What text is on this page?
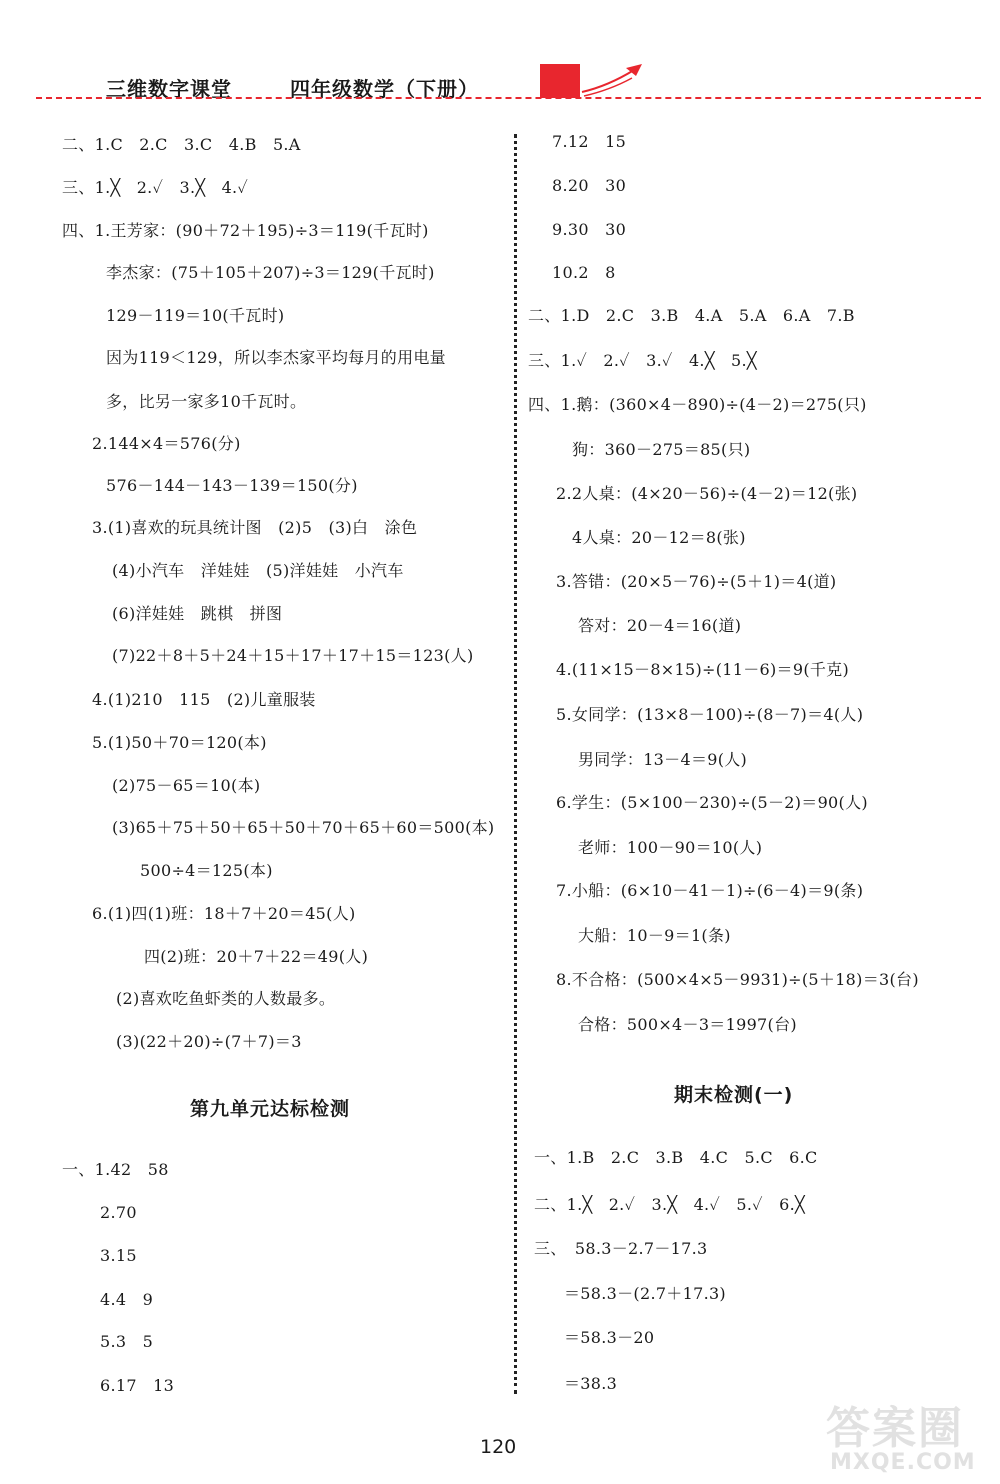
三维数字课堂	四年级数学（下册）
二、1.C　2.C　3.C　4.B　5.A
三、1.╳　2.✓　3.╳　4.✓
四、1.王芳家：(90＋72＋195)÷3＝119(千瓦时)
李杰家：(75＋105＋207)÷3＝129(千瓦时)
129－119＝10(千瓦时)
因为119＜129，所以李杰家平均每月的用电量
多，比另一家多10千瓦时。
2.144×4＝576(分)
576－144－143－139＝150(分)
3.(1)喜欢的玩具统计图　(2)5　(3)白　涂色
(4)小汽车　洋娃娃　(5)洋娃娃　小汽车
(6)洋娃娃　跳棋　拼图
(7)22＋8＋5＋24＋15＋17＋17＋15＝123(人)
4.(1)210　115　(2)儿童服装
5.(1)50＋70＝120(本)
(2)75－65＝10(本)
(3)65＋75＋50＋65＋50＋70＋65＋60＝500(本)
500÷4＝125(本)
6.(1)四(1)班：18＋7＋20＝45(人)
四(2)班：20＋7＋22＝49(人)
(2)喜欢吃鱼虾类的人数最多。
(3)(22＋20)÷(7＋7)＝3
第九单元达标检测
一、1.42　58
2.70
3.15
4.4　9
5.3　5
6.17　13
7.12　15
8.20　30
9.30　30
10.2　8
二、1.D　2.C　3.B　4.A　5.A　6.A　7.B
三、1.✓　2.✓　3.✓　4.╳　5.╳
四、1.鹅：(360×4－890)÷(4－2)＝275(只)
狗：360－275＝85(只)
2.2人桌：(4×20－56)÷(4－2)＝12(张)
4人桌：20－12＝8(张)
3.答错：(20×5－76)÷(5＋1)＝4(道)
答对：20－4＝16(道)
4.(11×15－8×15)÷(11－6)＝9(千克)
5.女同学：(13×8－100)÷(8－7)＝4(人)
男同学：13－4＝9(人)
6.学生：(5×100－230)÷(5－2)＝90(人)
老师：100－90＝10(人)
7.小船：(6×10－41－1)÷(6－4)＝9(条)
大船：10－9＝1(条)
8.不合格：(500×4×5－9931)÷(5＋18)＝3(台)
合格：500×4－3＝1997(台)
期末检测(一)
一、1.B　2.C　3.B　4.C　5.C　6.C
二、1.╳　2.✓　3.╳　4.✓　5.✓　6.╳
三、　58.3－2.7－17.3
＝58.3－(2.7＋17.3)
＝58.3－20
＝38.3
120	答案圈
MXQE.COM
